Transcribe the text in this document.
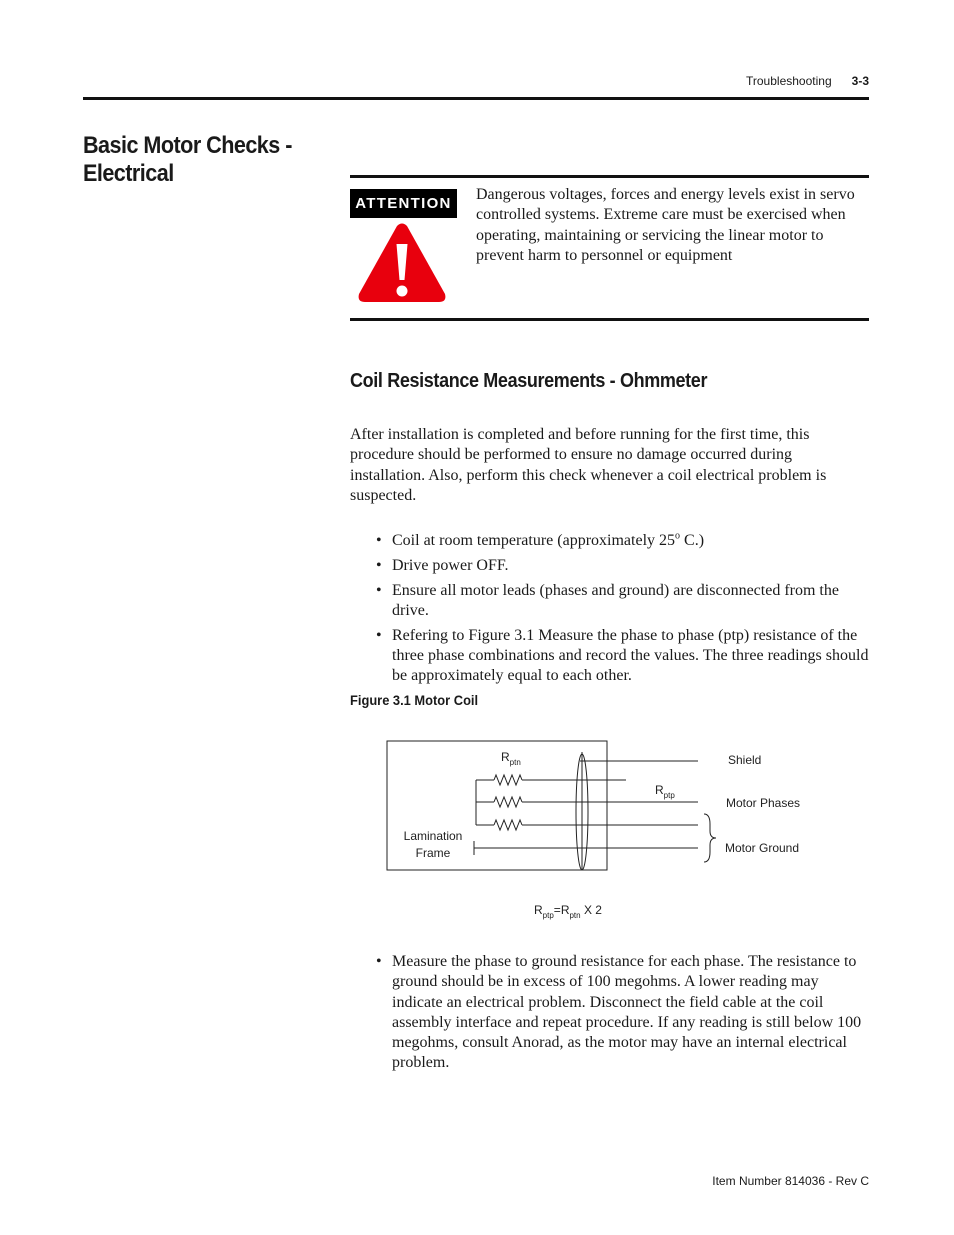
Troubleshooting 3-3
Basic Motor Checks - Electrical
ATTENTION
Dangerous voltages, forces and energy levels exist in servo controlled systems. Extreme care must be exercised when operating, maintaining or servicing the linear motor to prevent harm to personnel or equipment
Coil Resistance Measurements - Ohmmeter
After installation is completed and before running for the first time, this procedure should be performed to ensure no damage occurred during installation. Also, perform this check whenever a coil electrical problem is suspected.
• Coil at room temperature (approximately 25$^o$ C.)
• Drive power OFF.
• Ensure all motor leads (phases and ground) are disconnected from the drive.
• Refering to Figure 3.1 Measure the phase to phase (ptp) resistance of the three phase combinations and record the values. The three readings should be approximately equal to each other.
Figure 3.1 Motor Coil
$R_{ptn}$
$R_{ptp}$
Shield
Motor Phases
Motor Ground
Lamination
Frame
$R_{ptp}=R_{ptn}$ X 2
• Measure the phase to ground resistance for each phase. The resistance to ground should be in excess of 100 megohms. A lower reading may indicate an electrical problem. Disconnect the field cable at the coil assembly interface and repeat procedure. If any reading is still below 100 megohms, consult Anorad, as the motor may have an internal electrical problem.
Item Number 814036 - Rev C
